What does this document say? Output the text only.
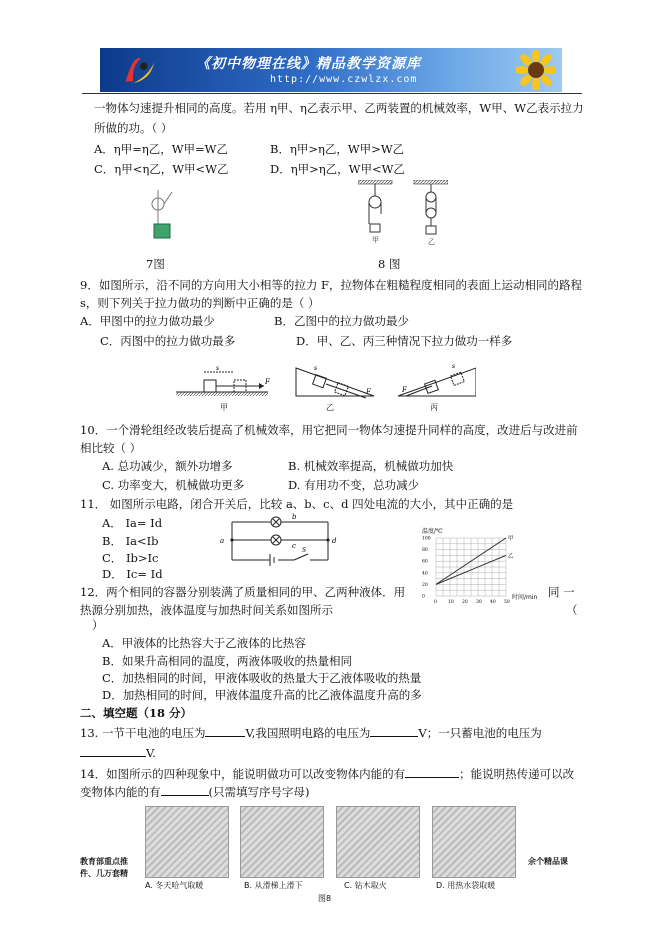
《初中物理在线》精品教学资源库
http://www.czwlzx.com
一物体匀速提升相同的高度。若用 η甲、η乙表示甲、乙两装置的机械效率，W甲、W乙表示拉力
所做的功。（ ）
A．η甲=η乙，W甲=W乙	B．η甲>η乙，W甲>W乙
C．η甲<η乙，W甲<W乙	D．η甲>η乙，W甲<W乙
7图
甲	乙
8 图
9．如图所示，沿不同的方向用大小相等的拉力 F，拉物体在粗糙程度相同的表面上运动相同的路程
s，则下列关于拉力做功的判断中正确的是（ ）
A．甲图中的拉力做功最少	B．乙图中的拉力做功最少
C．丙图中的拉力做功最多	D．甲、乙、丙三种情况下拉力做功一样多
F
s
F
s
F
s
甲	乙	丙
10．一个滑轮组经改装后提高了机械效率，用它把同一物体匀速提升同样的高度，改进后与改进前
相比较（ ）
A. 总功减少，额外功增多	B. 机械效率提高，机械做功加快
C. 功率变大，机械做功更多	D. 有用功不变，总功减少
11． 如图所示电路，闭合开关后，比较 a、b、c、d 四处电流的大小，其中正确的是
A． Ia= Id
B． Ia<Ib
C． Ib>Ic
D． Ic= Id
a
b
c
d
S
温度/℃
甲
乙
0 10 20 30 40 50
0
20
40
60
80
100
时间/min
12．两个相同的容器分别装满了质量相同的甲、乙两种液体．用	同 一
热源分别加热，液体温度与加热时间关系如图所示	（
）
A．甲液体的比热容大于乙液体的比热容
B．如果升高相同的温度，两液体吸收的热量相同
C．加热相同的时间，甲液体吸收的热量大于乙液体吸收的热量
D．加热相同的时间，甲液体温度升高的比乙液体温度升高的多
二、填空题（18 分）
13. 一节干电池的电压为	V,我国照明电路的电压为	V；一只蓄电池的电压为
V.
14．如图所示的四种现象中，能说明做功可以改变物体内能的有	；能说明热传递可以改
变物体内能的有	(只需填写序号字母)
A. 冬天哈气取暖	B. 从滑梯上滑下	C. 钻木取火	D. 用热水袋取暖
图8
教育部重点推
件、几万套精
余个精品课
